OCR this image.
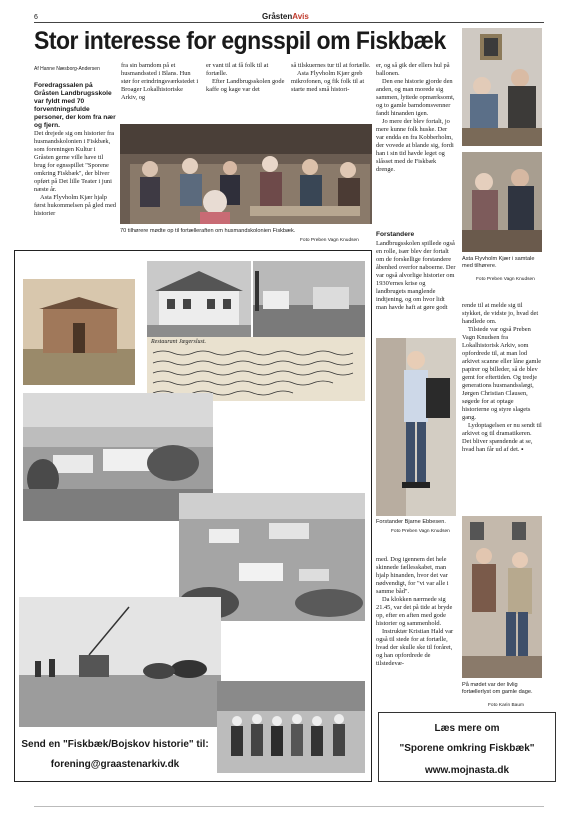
6	GråstenAvis
Stor interesse for egnsspil om Fiskbæk
Af Hanne Næsborg-Andersen

Foredragssalen på Gråsten Landbrugsskole var fyldt med 70 forventningsfulde personer, der kom fra nær og fjern.

Det drejede sig om historier fra husmandskolonien i Fiskbæk, som foreningen Kultur i Gråsten gerne ville have til brug for egnsspillet "Sporene omkring Fiskbæk", der bliver opført på Det lille Teater i juni næste år.

Asta Flyvholm Kjær hjalp først hukommelsen på gled med historier

fra sin barndom på et husmandssted i Blans. Hun stør for erindringsværkstedet i Broager Lokalhistoriske Arkiv, og

er vant til at få folk til at fortælle.

Efter Landbrugsskolen gode kaffe og kage var det

så tilskuernes tur til at fortælle.

Asta Flyvholm Kjær greb mikrofonen, og fik folk til at starte med små histori-

70 tilhørere mødte op til fortælleraften om husmandskolonien Fiskbæk.
Foto Preben Vagn Knudsen

er, og så gik der ellers hul på ballonen.

Den ene historie gjorde den anden, og man morede sig sammen, lyttede opmærksomt, og to gamle barndomsvenner fandt hinanden igen.

Jo mere der blev fortalt, jo mere kunne folk huske. Der var endda en fra Kobberholm, der vovede at blande sig, fordi han i sin tid havde leget og slåsset med de Fiskbæk drenge.

Forstandere

Landbrugsskolen spillede også en rolle, især blev der fortalt om de forskellige forstandere åbenhed overfor naboerne. Der var også alvorlige historier om 1930'ernes krise og landbrugets manglende indtjening, og om hvor lidt man havde haft at gøre godt

Asta Flyvholm Kjær i samtale med tilhørere.
Foto Preben Vagn Knudsen
Restaurant Jægerslust.
Send en "Fiskbæk/Bojskov historie" til:
forening@graastenarkiv.dk
Forstander Bjarne Ebbesen.
Foto Preben Vagn Knudsen

rende til at melde sig til stykket, de vidste jo, hvad det handlede om.

Tilstede var også Preben Vagn Knudsen fra Lokalhistorisk Arkiv, som opfordrede til, at man lod arkivet scanne eller låne gamle papirer og billeder, så de blev gemt for eftertiden. Og tredje generations husmandsslægt, Jørgen Christian Clausen, søgede for at optage historierne og styre slagets gang.

Lydoptagelsen er nu sendt til arkivet og til dramatikeren. Det bliver spændende at se, hvad han får ud af det. ▪

med. Dog igennem det hele skinnede fællesskabet, man hjalp hinanden, hvor det var nødvendigt, for "vi var alle i samme båd".

Da klokken nærmede sig 21.45, var det på tide at bryde op, efter en aften med gode historier og sammenhold.

Instruktør Kristian Hald var også til stede for at fortælle, hvad der skulle ske til foråret, og han opfordrede de tilstedevæ-

På mødet var der livlig fortællerlyst om gamle dage.
Foto Karin Baum
Læs mere om
"Sporene omkring Fiskbæk"
www.mojnasta.dk
